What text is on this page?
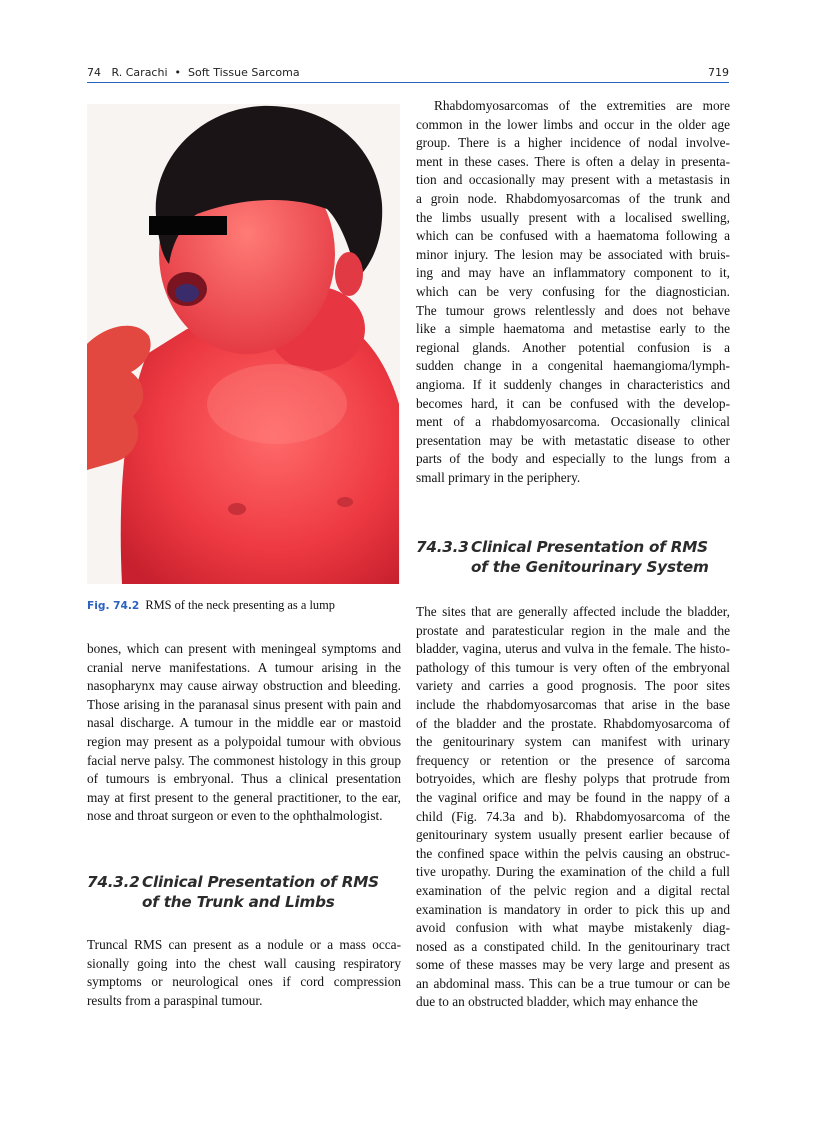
74 R. Carachi • Soft Tissue Sarcoma	719
Fig. 74.2 RMS of the neck presenting as a lump

bones, which can present with meningeal symptoms and
cranial nerve manifestations. A tumour arising in the
nasopharynx may cause airway obstruction and bleeding.
Those arising in the paranasal sinus present with pain and
nasal discharge. A tumour in the middle ear or mastoid
region may present as a polypoidal tumour with obvious
facial nerve palsy. The commonest histology in this group
of tumours is embryonal. Thus a clinical presentation
may at first present to the general practitioner, to the ear,
nose and throat surgeon or even to the ophthalmologist.

74.3.2 Clinical Presentation of RMS
of the Trunk and Limbs

Truncal RMS can present as a nodule or a mass occa-
sionally going into the chest wall causing respiratory
symptoms or neurological ones if cord compression
results from a paraspinal tumour.

Rhabdomyosarcomas of the extremities are more
common in the lower limbs and occur in the older age
group. There is a higher incidence of nodal involve-
ment in these cases. There is often a delay in presenta-
tion and occasionally may present with a metastasis in
a groin node. Rhabdomyosarcomas of the trunk and
the limbs usually present with a localised swelling,
which can be confused with a haematoma following a
minor injury. The lesion may be associated with bruis-
ing and may have an inflammatory component to it,
which can be very confusing for the diagnostician.
The tumour grows relentlessly and does not behave
like a simple haematoma and metastise early to the
regional glands. Another potential confusion is a
sudden change in a congenital haemangioma/lymph-
angioma. If it suddenly changes in characteristics and
becomes hard, it can be confused with the develop-
ment of a rhabdomyosarcoma. Occasionally clinical
presentation may be with metastatic disease to other
parts of the body and especially to the lungs from a
small primary in the periphery.

74.3.3 Clinical Presentation of RMS
of the Genitourinary System

The sites that are generally affected include the bladder,
prostate and paratesticular region in the male and the
bladder, vagina, uterus and vulva in the female. The histo-
pathology of this tumour is very often of the embryonal
variety and carries a good prognosis. The poor sites
include the rhabdomyosarcomas that arise in the base
of the bladder and the prostate. Rhabdomyosarcoma of
the genitourinary system can manifest with urinary
frequency or retention or the presence of sarcoma
botryoides, which are fleshy polyps that protrude from
the vaginal orifice and may be found in the nappy of a
child (Fig. 74.3a and b). Rhabdomyosarcoma of the
genitourinary system usually present earlier because of
the confined space within the pelvis causing an obstruc-
tive uropathy. During the examination of the child a full
examination of the pelvic region and a digital rectal
examination is mandatory in order to pick this up and
avoid confusion with what maybe mistakenly diag-
nosed as a constipated child. In the genitourinary tract
some of these masses may be very large and present as
an abdominal mass. This can be a true tumour or can be
due to an obstructed bladder, which may enhance the
